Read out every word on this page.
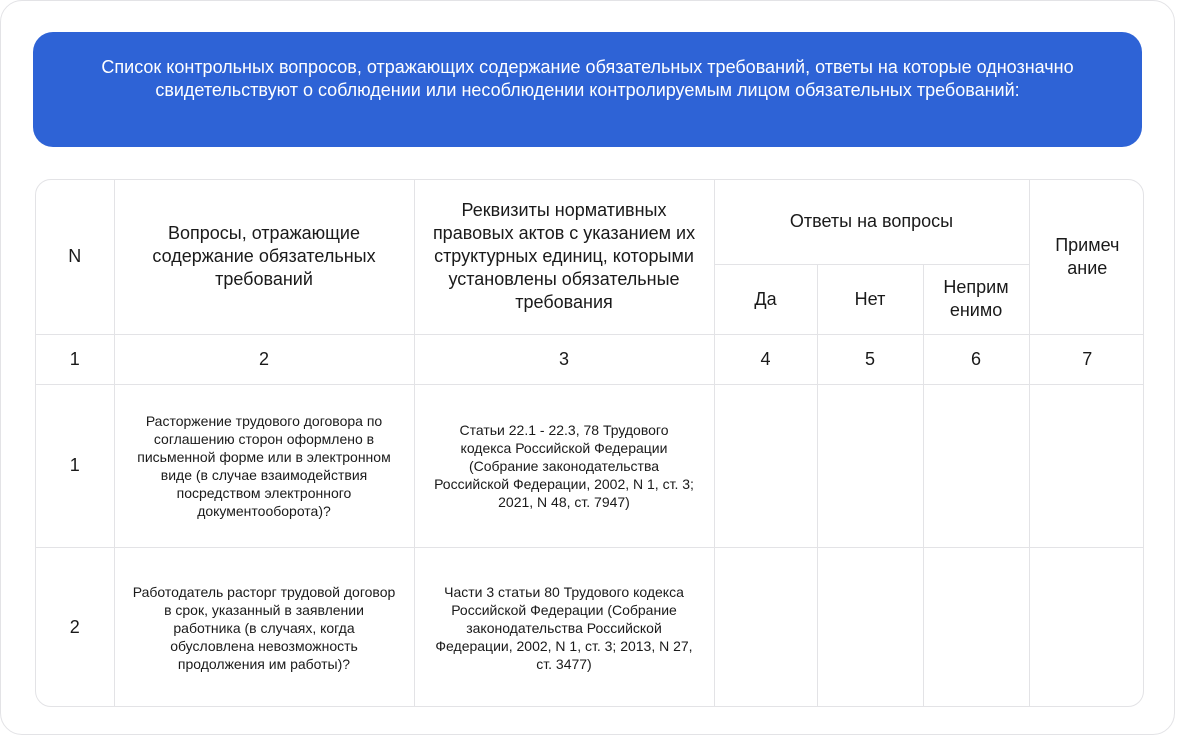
Список контрольных вопросов, отражающих содержание обязательных требований, ответы на которые однозначно свидетельствуют о соблюдении или несоблюдении контролируемым лицом обязательных требований:
N	Вопросы, отражающие содержание обязательных требований	Реквизиты нормативных правовых актов с указанием их структурных единиц, которыми установлены обязательные требования	Ответы на вопросы			Примеч ание
			Да	Нет	Неприм енимо	
1	2	3	4	5	6	7
1	Расторжение трудового договора по соглашению сторон оформлено в письменной форме или в электронном виде (в случае взаимодействия посредством электронного документооборота)?	Статьи 22.1 - 22.3, 78 Трудового кодекса Российской Федерации (Собрание законодательства Российской Федерации, 2002, N 1, ст. 3; 2021, N 48, ст. 7947)				
2	Работодатель расторг трудовой договор в срок, указанный в заявлении работника (в случаях, когда обусловлена невозможность продолжения им работы)?	Части 3 статьи 80 Трудового кодекса Российской Федерации (Собрание законодательства Российской Федерации, 2002, N 1, ст. 3; 2013, N 27, ст. 3477)				
